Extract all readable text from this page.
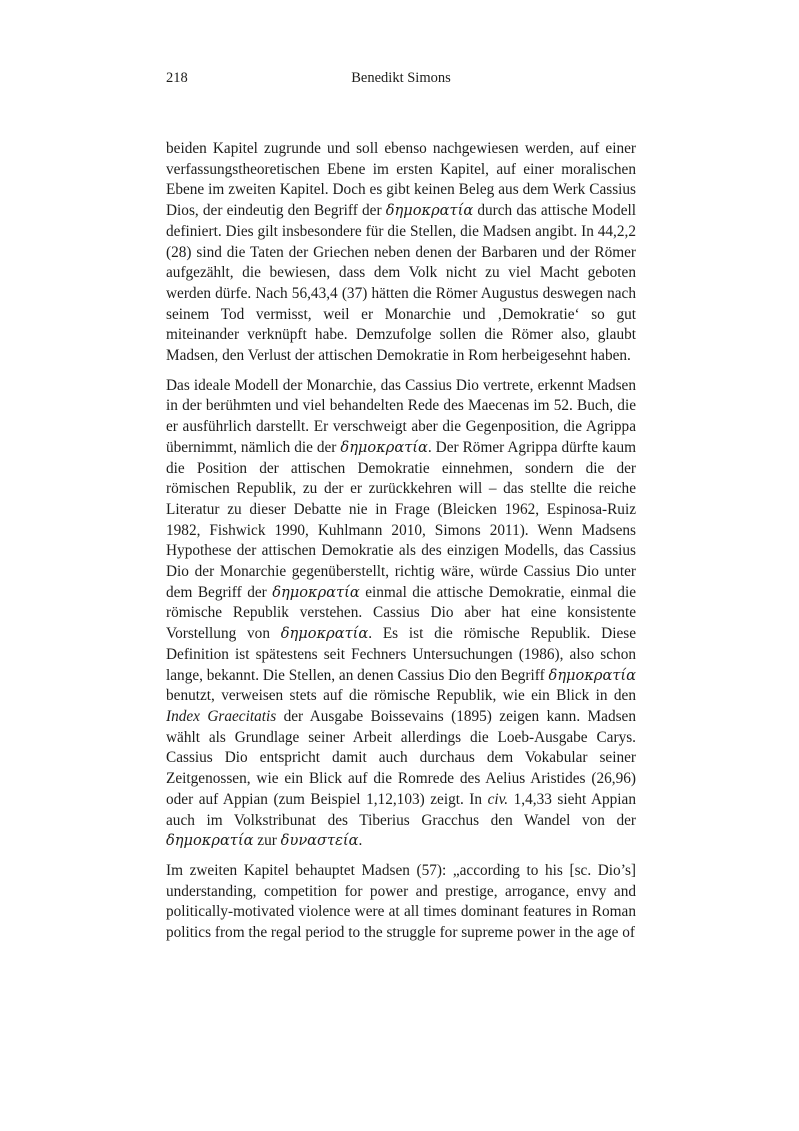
218	Benedikt Simons

beiden Kapitel zugrunde und soll ebenso nachgewiesen werden, auf einer verfassungstheoretischen Ebene im ersten Kapitel, auf einer moralischen Ebene im zweiten Kapitel. Doch es gibt keinen Beleg aus dem Werk Cassius Dios, der eindeutig den Begriff der δημοκρατία durch das attische Modell definiert. Dies gilt insbesondere für die Stellen, die Madsen angibt. In 44,2,2 (28) sind die Taten der Griechen neben denen der Barbaren und der Römer aufgezählt, die bewiesen, dass dem Volk nicht zu viel Macht geboten werden dürfe. Nach 56,43,4 (37) hätten die Römer Augustus deswegen nach seinem Tod vermisst, weil er Monarchie und ‚Demokratie‘ so gut miteinander verknüpft habe. Demzufolge sollen die Römer also, glaubt Madsen, den Verlust der attischen Demokratie in Rom herbeigesehnt haben.

Das ideale Modell der Monarchie, das Cassius Dio vertrete, erkennt Madsen in der berühmten und viel behandelten Rede des Maecenas im 52. Buch, die er ausführlich darstellt. Er verschweigt aber die Gegenposition, die Agrippa übernimmt, nämlich die der δημοκρατία. Der Römer Agrippa dürfte kaum die Position der attischen Demokratie einnehmen, sondern die der römischen Republik, zu der er zurückkehren will – das stellte die reiche Literatur zu dieser Debatte nie in Frage (Bleicken 1962, Espinosa-Ruiz 1982, Fishwick 1990, Kuhlmann 2010, Simons 2011). Wenn Madsens Hypothese der attischen Demokratie als des einzigen Modells, das Cassius Dio der Monarchie gegenüberstellt, richtig wäre, würde Cassius Dio unter dem Begriff der δημοκρατία einmal die attische Demokratie, einmal die römische Republik verstehen. Cassius Dio aber hat eine konsistente Vorstellung von δημοκρατία. Es ist die römische Republik. Diese Definition ist spätestens seit Fechners Untersuchungen (1986), also schon lange, bekannt. Die Stellen, an denen Cassius Dio den Begriff δημοκρατία benutzt, verweisen stets auf die römische Republik, wie ein Blick in den Index Graecitatis der Ausgabe Boissevains (1895) zeigen kann. Madsen wählt als Grundlage seiner Arbeit allerdings die Loeb-Ausgabe Carys. Cassius Dio entspricht damit auch durchaus dem Vokabular seiner Zeitgenossen, wie ein Blick auf die Romrede des Aelius Aristides (26,96) oder auf Appian (zum Beispiel 1,12,103) zeigt. In civ. 1,4,33 sieht Appian auch im Volkstribunat des Tiberius Gracchus den Wandel von der δημοκρατία zur δυναστεία.

Im zweiten Kapitel behauptet Madsen (57): „according to his [sc. Dio’s] understanding, competition for power and prestige, arrogance, envy and politically-motivated violence were at all times dominant features in Roman politics from the regal period to the struggle for supreme power in the age of
